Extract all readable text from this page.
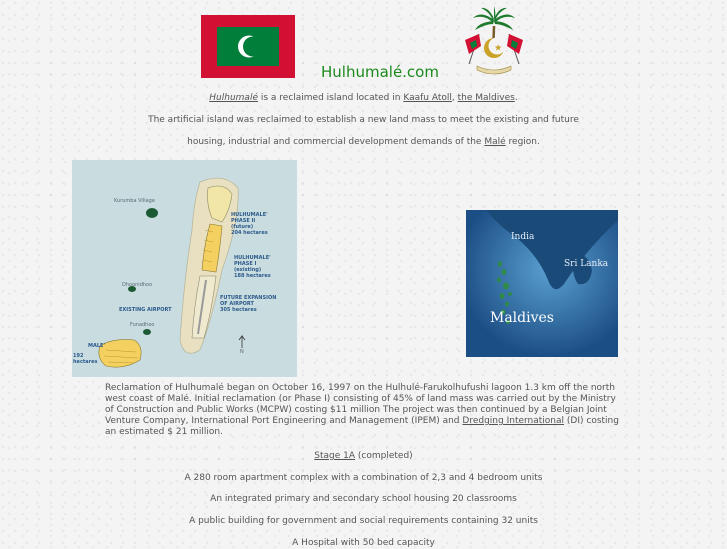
Hulhumalé.com
Hulhumalé is a reclaimed island located in Kaafu Atoll, the Maldives.
The artificial island was reclaimed to establish a new land mass to meet the existing and future
housing, industrial and commercial development demands of the Malé region.
Kurumba Village
HULHUMALE'
PHASE II
(future)
204 hectares
HULHUMALE'
PHASE I
(existing)
188 hectares
FUTURE EXPANSION
OF AIRPORT
305 hectares
Dhoonidhoo
EXISTING AIRPORT
Funadhoo
MALE'
192
hectares
N
India
Sri Lanka
Maldives
Reclamation of Hulhumalé began on October 16, 1997 on the Hulhulé-Farukolhufushi lagoon 1.3 km off the north west coast of Malé. Initial reclamation (or Phase I) consisting of 45% of land mass was carried out by the Ministry of Construction and Public Works (MCPW) costing $11 million The project was then continued by a Belgian Joint Venture Company, International Port Engineering and Management (IPEM) and Dredging International (DI) costing an estimated $ 21 million.
Stage 1A (completed)
A 280 room apartment complex with a combination of 2,3 and 4 bedroom units
An integrated primary and secondary school housing 20 classrooms
A public building for government and social requirements containing 32 units
A Hospital with 50 bed capacity
